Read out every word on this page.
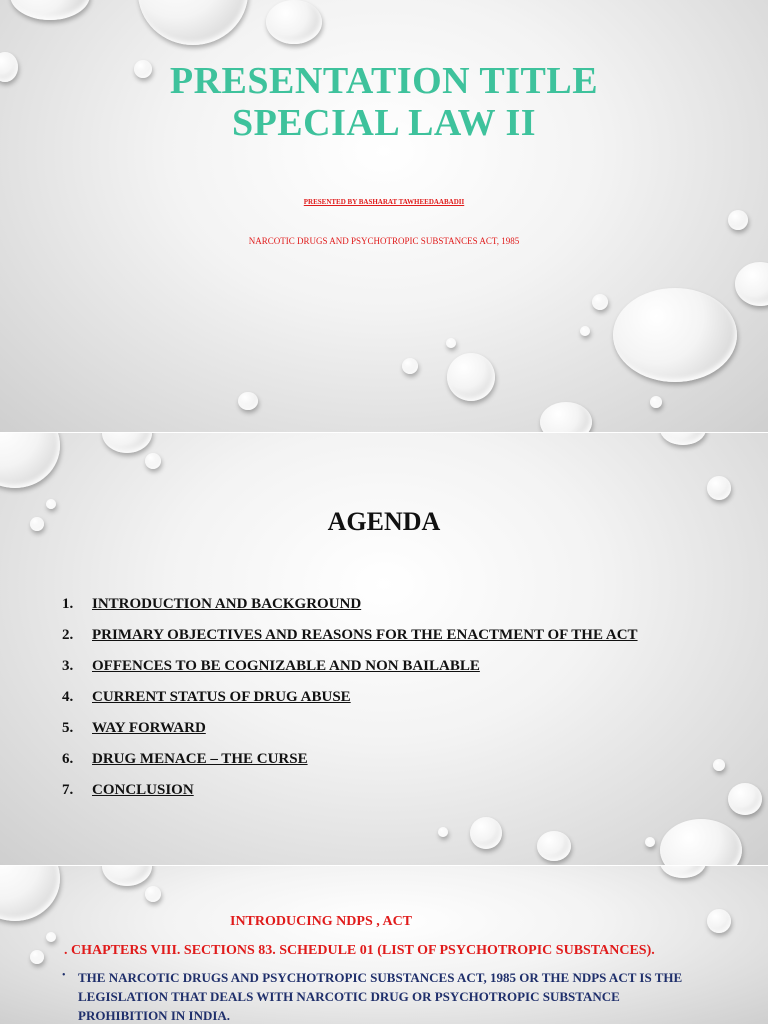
PRESENTATION TITLE
SPECIAL LAW II
PRESENTED BY BASHARAT TAWHEEDAABADII
NARCOTIC DRUGS AND PSYCHOTROPIC SUBSTANCES ACT, 1985
AGENDA
1.	INTRODUCTION AND BACKGROUND
2.	PRIMARY OBJECTIVES AND REASONS FOR THE ENACTMENT OF THE ACT
3.	OFFENCES TO BE COGNIZABLE AND NON BAILABLE
4.	CURRENT STATUS OF DRUG ABUSE
5.	WAY FORWARD
6.	DRUG MENACE – THE CURSE
7.	CONCLUSION
INTRODUCING NDPS , ACT
. CHAPTERS VIII. SECTIONS 83. SCHEDULE 01 (LIST OF PSYCHOTROPIC SUBSTANCES).
• THE NARCOTIC DRUGS AND PSYCHOTROPIC SUBSTANCES ACT, 1985 OR THE NDPS ACT IS THE LEGISLATION THAT DEALS WITH NARCOTIC DRUG OR PSYCHOTROPIC SUBSTANCE PROHIBITION IN INDIA.
